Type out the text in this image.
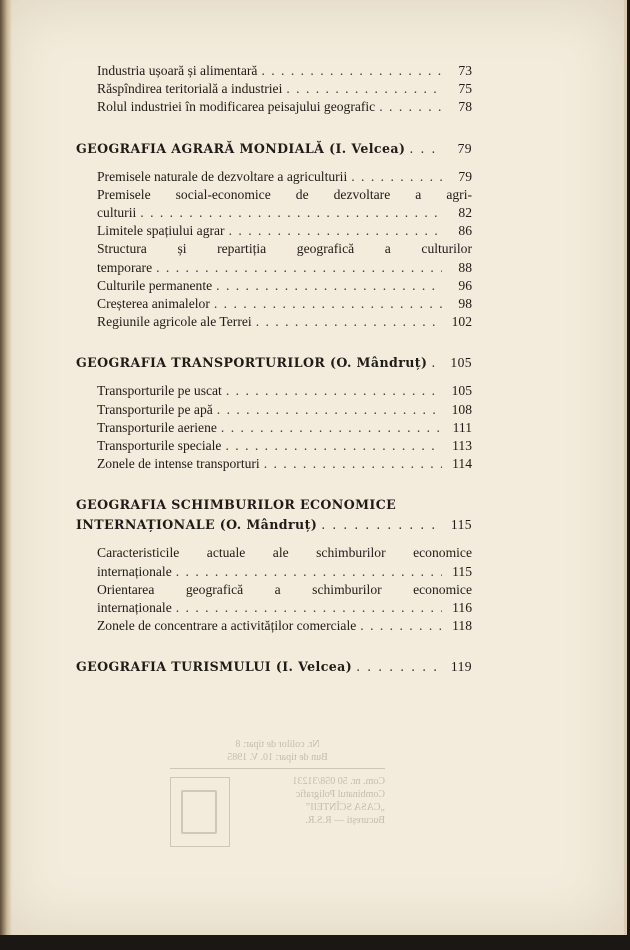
Industria ușoară și alimentară . . .	73
Răspîndirea teritorială a industriei . . .	75
Rolul industriei în modificarea peisajului geografic . . .	78
GEOGRAFIA AGRARĂ MONDIALĂ (I. Velcea) . . .	79
Premisele naturale de dezvoltare a agriculturii . . .	79
Premisele social-economice de dezvoltare a agri-
culturii . . .	82
Limitele spațiului agrar . . .	86
Structura și repartiția geografică a culturilor
temporare . . .	88
Culturile permanente . . .	96
Creșterea animalelor . . .	98
Regiunile agricole ale Terrei . . .	102
GEOGRAFIA TRANSPORTURILOR (O. Mândruț) . . .	105
Transporturile pe uscat . . .	105
Transporturile pe apă . . .	108
Transporturile aeriene . . .	111
Transporturile speciale . . .	113
Zonele de intense transporturi . . .	114
GEOGRAFIA SCHIMBURILOR ECONOMICE
INTERNAȚIONALE (O. Mândruț) . . .	115
Caracteristicile actuale ale schimburilor economice
internaționale . . .	115
Orientarea geografică a schimburilor economice
internaționale . . .	116
Zonele de concentrare a activităților comerciale . . .	118
GEOGRAFIA TURISMULUI (I. Velcea) . . .	119
Nr. colilor de tipar: 8
Bun de tipar: 10. V. 1985
Com. nr. 50 058/31231
Combinatul Poligrafic
„CASA SCÎNTEII”
București — R.S.R.
